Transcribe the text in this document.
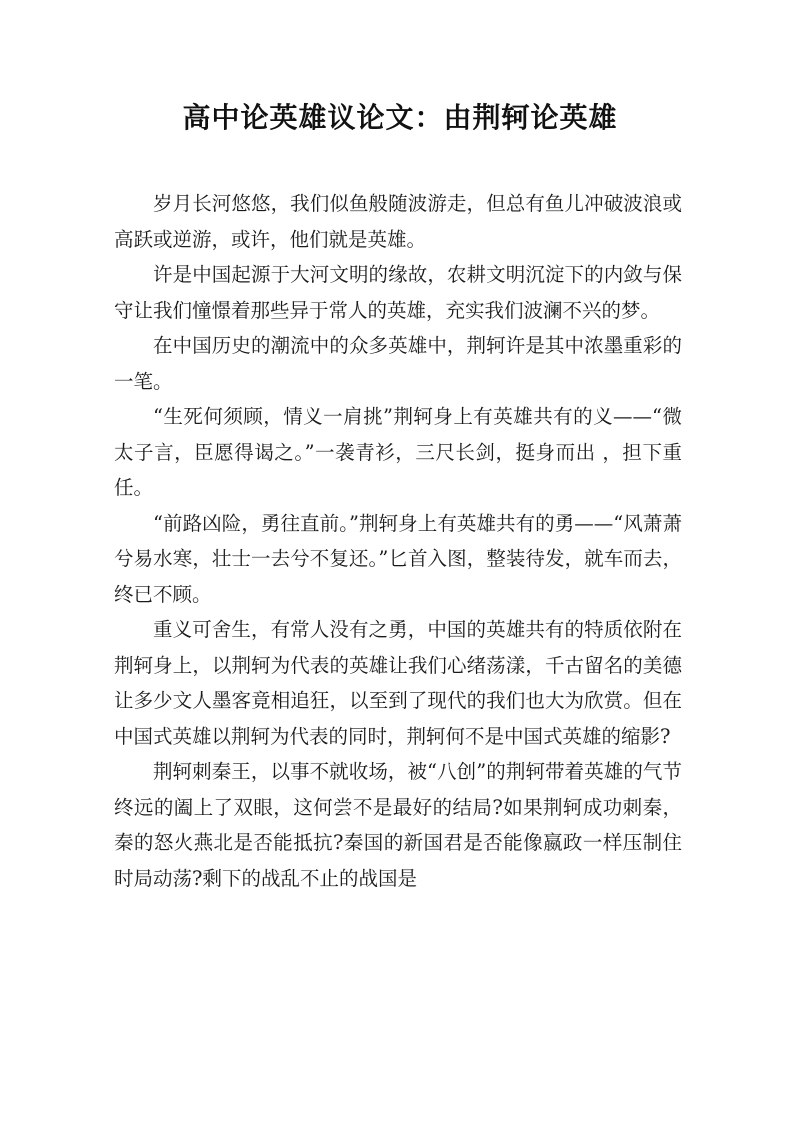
高中论英雄议论文：由荆轲论英雄

岁月长河悠悠，我们似鱼般随波游走，但总有鱼儿冲破波浪或高跃或逆游，或许，他们就是英雄。

许是中国起源于大河文明的缘故，农耕文明沉淀下的内敛与保守让我们憧憬着那些异于常人的英雄，充实我们波澜不兴的梦。

在中国历史的潮流中的众多英雄中，荆轲许是其中浓墨重彩的一笔。

“生死何须顾，情义一肩挑”荆轲身上有英雄共有的义——“微太子言，臣愿得谒之。”一袭青衫，三尺长剑，挺身而出 ，担下重任。

“前路凶险，勇往直前。”荆轲身上有英雄共有的勇——“风萧萧兮易水寒，壮士一去兮不复还。”匕首入图，整装待发，就车而去，终已不顾。

重义可舍生，有常人没有之勇，中国的英雄共有的特质依附在荆轲身上，以荆轲为代表的英雄让我们心绪荡漾，千古留名的美德让多少文人墨客竟相追狂，以至到了现代的我们也大为欣赏。但在中国式英雄以荆轲为代表的同时，荆轲何不是中国式英雄的缩影?

荆轲刺秦王，以事不就收场，被“八创”的荆轲带着英雄的气节终远的阖上了双眼，这何尝不是最好的结局?如果荆轲成功刺秦，秦的怒火燕北是否能抵抗?秦国的新国君是否能像嬴政一样压制住时局动荡?剩下的战乱不止的战国是
